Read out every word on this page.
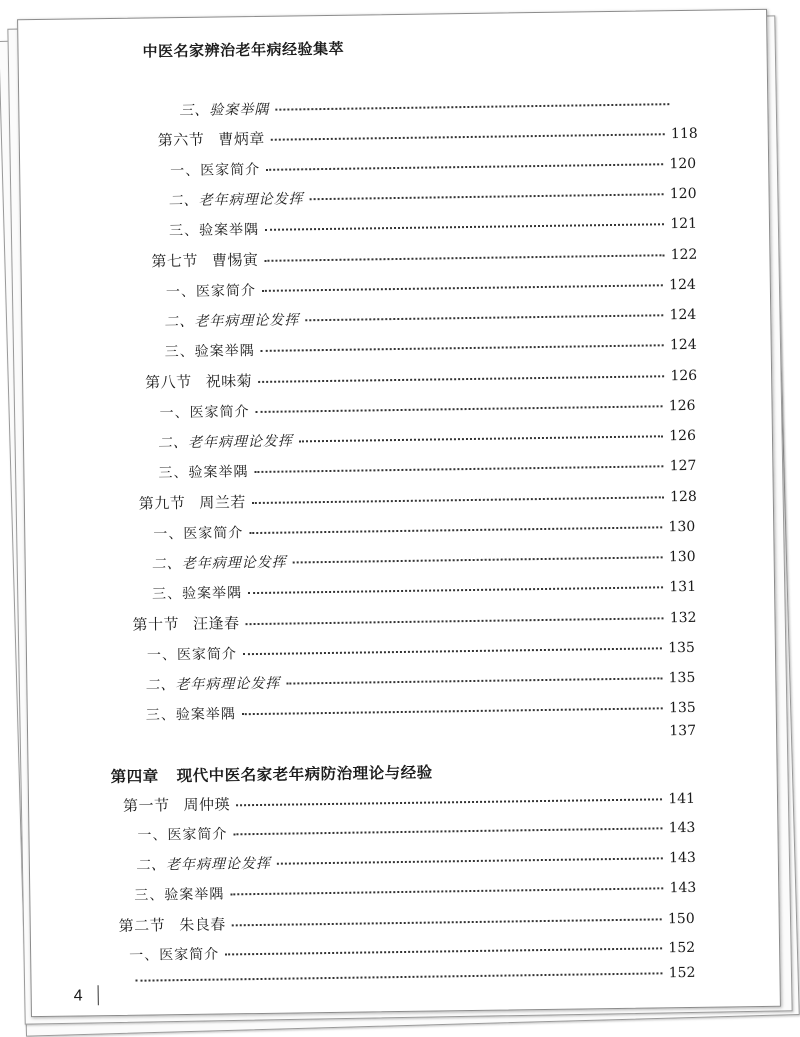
中医名家辨治老年病经验集萃
三、验案举隅
第六节 曹炳章	118
一、医家简介	120
二、老年病理论发挥	120
三、验案举隅	121
第七节 曹惕寅	122
一、医家简介	124
二、老年病理论发挥	124
三、验案举隅	124
第八节 祝味菊	126
一、医家简介	126
二、老年病理论发挥	126
三、验案举隅	127
第九节 周兰若	128
一、医家简介	130
二、老年病理论发挥	130
三、验案举隅	131
第十节 汪逢春	132
一、医家简介	135
二、老年病理论发挥	135
三、验案举隅	135
137
第四章 现代中医名家老年病防治理论与经验
第一节 周仲瑛	141
一、医家简介	143
二、老年病理论发挥	143
三、验案举隅	143
第二节 朱良春	150
一、医家简介	152
152
4
